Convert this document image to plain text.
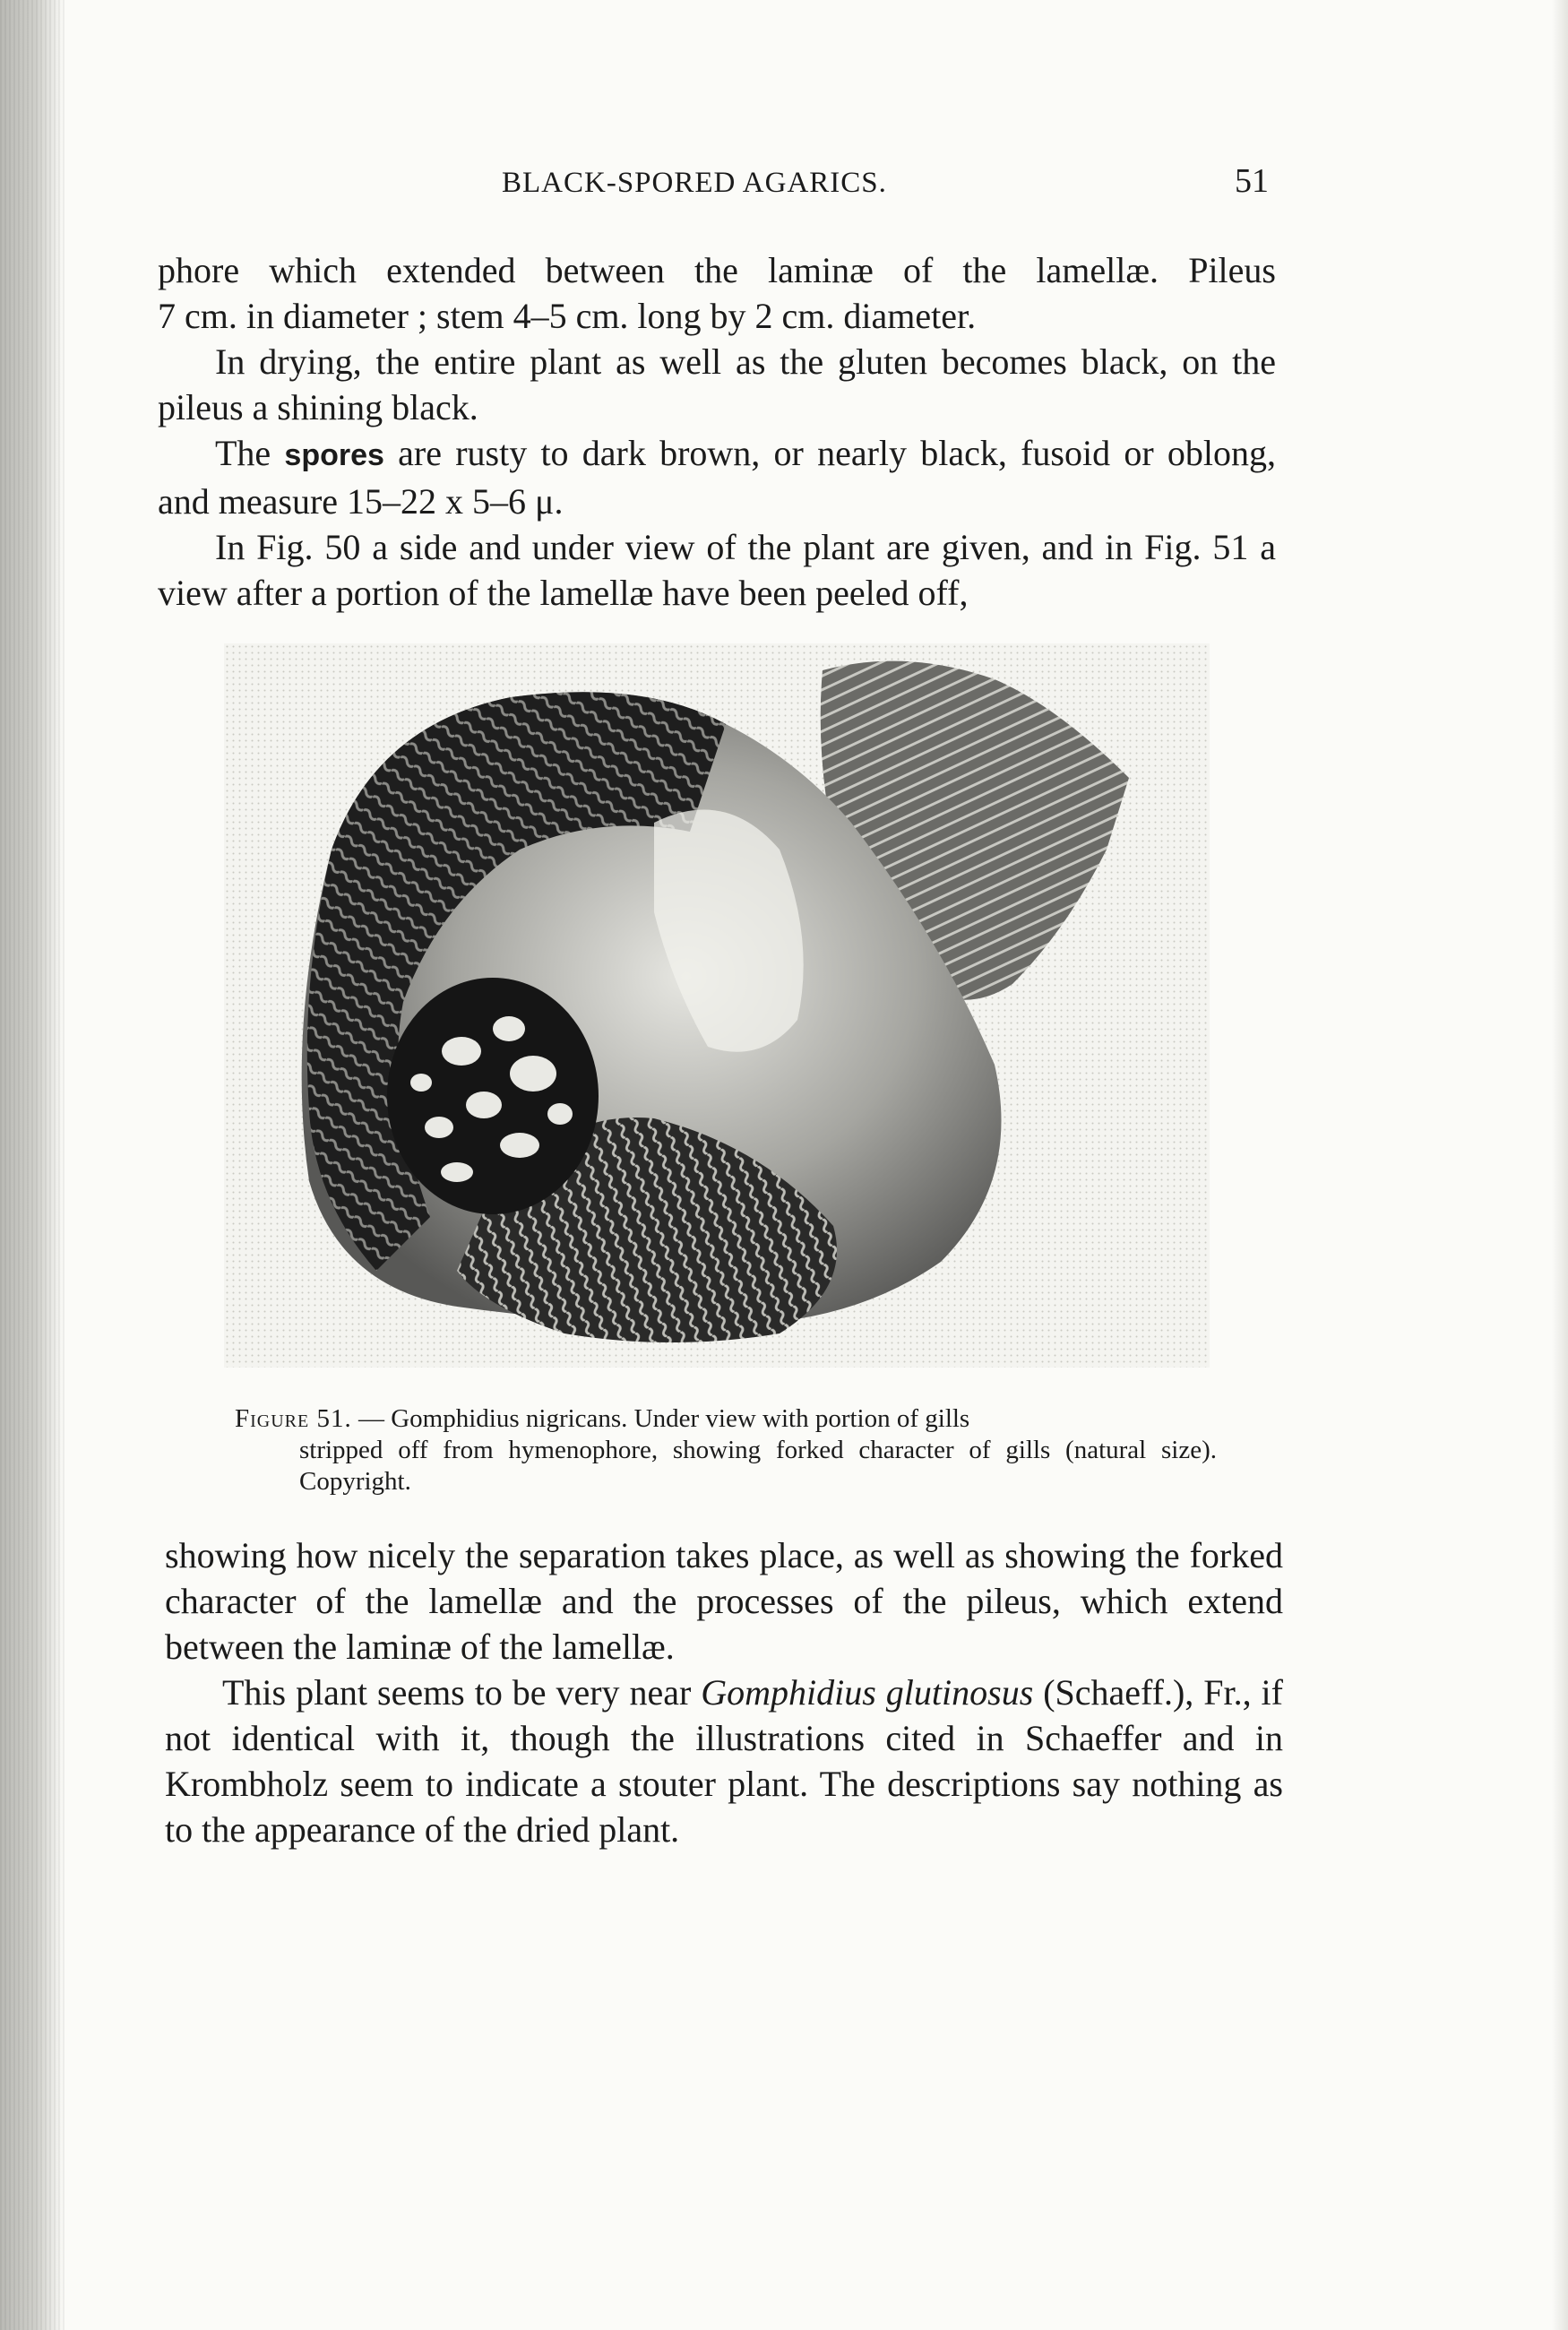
BLACK-SPORED AGARICS.	51

phore which extended between the laminæ of the lamellæ. Pileus

7 cm. in diameter ; stem 4–5 cm. long by 2 cm. diameter.

In drying, the entire plant as well as the gluten becomes black, on the pileus a shining black.

The spores are rusty to dark brown, or nearly black, fusoid or oblong, and measure 15–22 x 5–6 μ.

In Fig. 50 a side and under view of the plant are given, and in Fig. 51 a view after a portion of the lamellæ have been peeled off,

Figure 51. — Gomphidius nigricans. Under view with portion of gills
stripped off from hymenophore, showing forked character of gills (natural size). Copyright.

showing how nicely the separation takes place, as well as showing the forked character of the lamellæ and the processes of the pileus, which extend between the laminæ of the lamellæ.

This plant seems to be very near Gomphidius glutinosus (Schaeff.), Fr., if not identical with it, though the illustrations cited in Schaeffer and in Krombholz seem to indicate a stouter plant. The descriptions say nothing as to the appearance of the dried plant.
